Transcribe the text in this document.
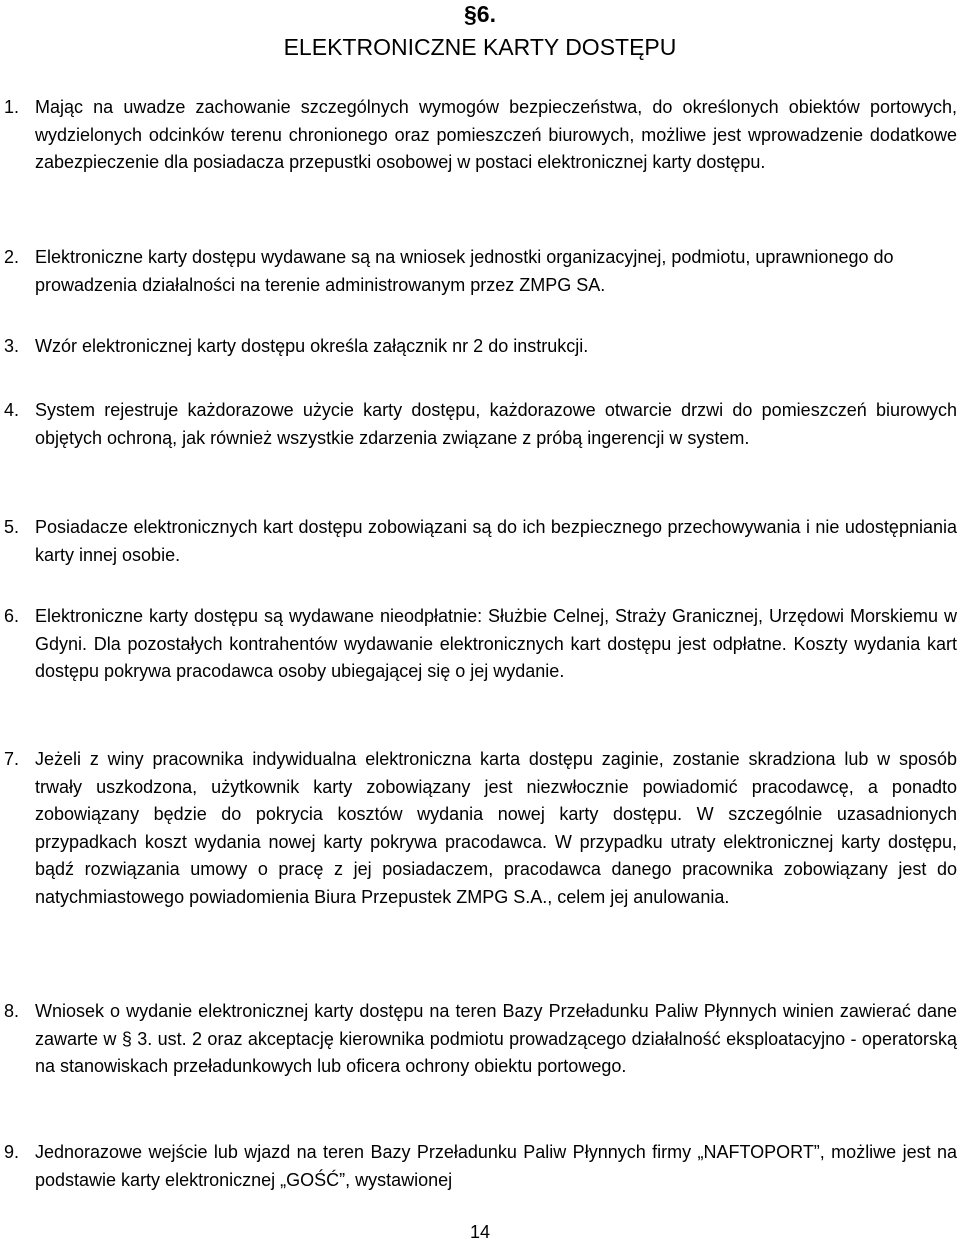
§6.
ELEKTRONICZNE KARTY DOSTĘPU
1. Mając na uwadze zachowanie szczególnych wymogów bezpieczeństwa, do określonych obiektów portowych, wydzielonych odcinków terenu chronionego oraz pomieszczeń biurowych, możliwe jest wprowadzenie dodatkowe zabezpieczenie dla posiadacza przepustki osobowej w postaci elektronicznej karty dostępu.
2. Elektroniczne karty dostępu wydawane są na wniosek jednostki organizacyjnej, podmiotu, uprawnionego do prowadzenia działalności na terenie administrowanym przez ZMPG SA.
3. Wzór elektronicznej karty dostępu określa załącznik nr 2 do instrukcji.
4. System rejestruje każdorazowe użycie karty dostępu, każdorazowe otwarcie drzwi do pomieszczeń biurowych objętych ochroną, jak również wszystkie zdarzenia związane z próbą ingerencji w system.
5. Posiadacze elektronicznych kart dostępu zobowiązani są do ich bezpiecznego przechowywania i nie udostępniania karty innej osobie.
6. Elektroniczne karty dostępu są wydawane nieodpłatnie: Służbie Celnej, Straży Granicznej, Urzędowi Morskiemu w Gdyni. Dla pozostałych kontrahentów wydawanie elektronicznych kart dostępu jest odpłatne. Koszty wydania kart dostępu pokrywa pracodawca osoby ubiegającej się o jej wydanie.
7. Jeżeli z winy pracownika indywidualna elektroniczna karta dostępu zaginie, zostanie skradziona lub w sposób trwały uszkodzona, użytkownik karty zobowiązany jest niezwłocznie powiadomić pracodawcę, a ponadto zobowiązany będzie do pokrycia kosztów wydania nowej karty dostępu. W szczególnie uzasadnionych przypadkach koszt wydania nowej karty pokrywa pracodawca. W przypadku utraty elektronicznej karty dostępu, bądź rozwiązania umowy o pracę z jej posiadaczem, pracodawca danego pracownika zobowiązany jest do natychmiastowego powiadomienia Biura Przepustek ZMPG S.A., celem jej anulowania.
8. Wniosek o wydanie elektronicznej karty dostępu na teren Bazy Przeładunku Paliw Płynnych winien zawierać dane zawarte w § 3. ust. 2 oraz akceptację kierownika podmiotu prowadzącego działalność eksploatacyjno - operatorską na stanowiskach przeładunkowych lub oficera ochrony obiektu portowego.
9. Jednorazowe wejście lub wjazd na teren Bazy Przeładunku Paliw Płynnych firmy „NAFTOPORT”, możliwe jest na podstawie karty elektronicznej „GOŚĆ”, wystawionej
14
